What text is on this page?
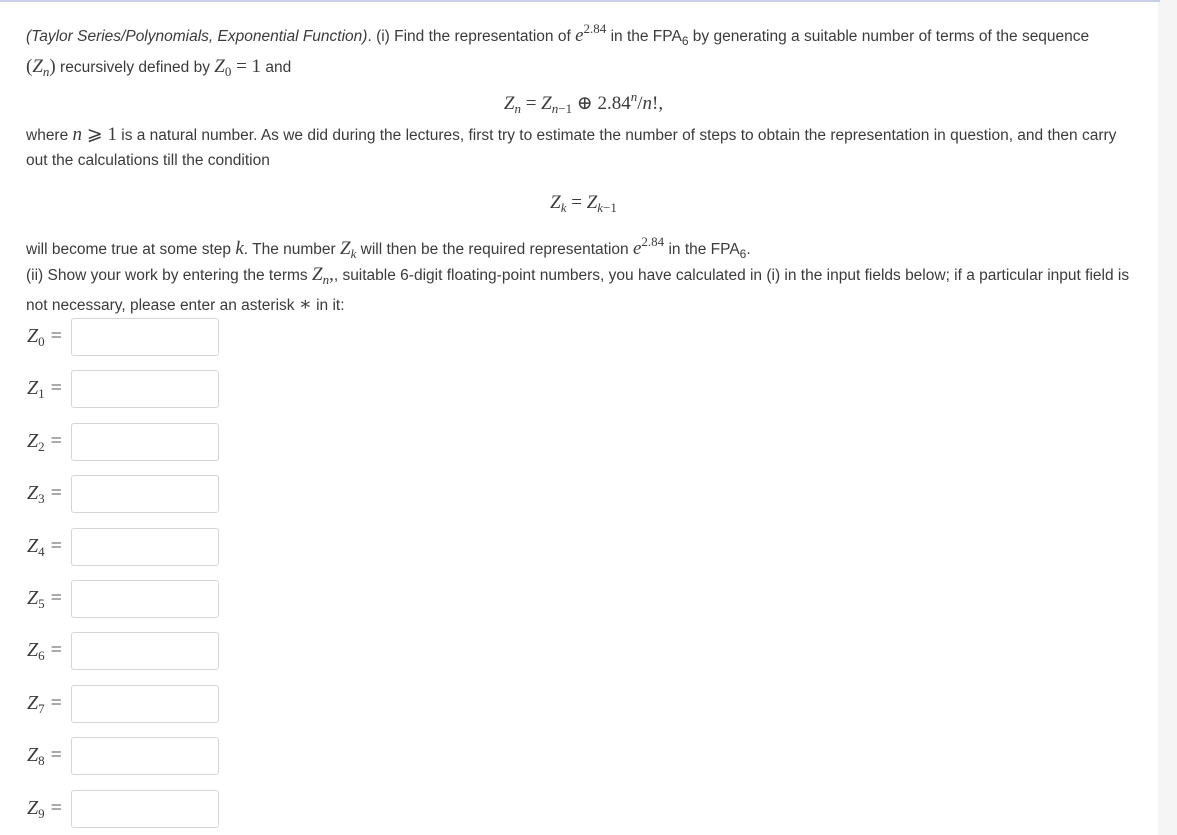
(Taylor Series/Polynomials, Exponential Function). (i) Find the representation of $e^{2.84}$ in the $FPA_6$ by generating a suitable number of terms of the sequence
$(Z_n)$ recursively defined by $Z_0 = 1$ and

$Z_n = Z_{n-1}$ ⊕ 2.84$^n$/n!,

where n ⩾ 1 is a natural number. As we did during the lectures, first try to estimate the number of steps to obtain the representation in question, and then carry out the calculations till the condition

$Z_k = Z_{k-1}$

will become true at some step k. The number $Z_k$ will then be the required representation $e^{2.84}$ in the $FPA_6$.

(ii) Show your work by entering the terms $Z_n$,, suitable 6-digit floating-point numbers, you have calculated in (i) in the input fields below; if a particular input field is not necessary, please enter an asterisk ∗ in it:

$Z_0$ =
$Z_1$ =
$Z_2$ =
$Z_3$ =
$Z_4$ =
$Z_5$ =
$Z_6$ =
$Z_7$ =
$Z_8$ =
$Z_9$ =
